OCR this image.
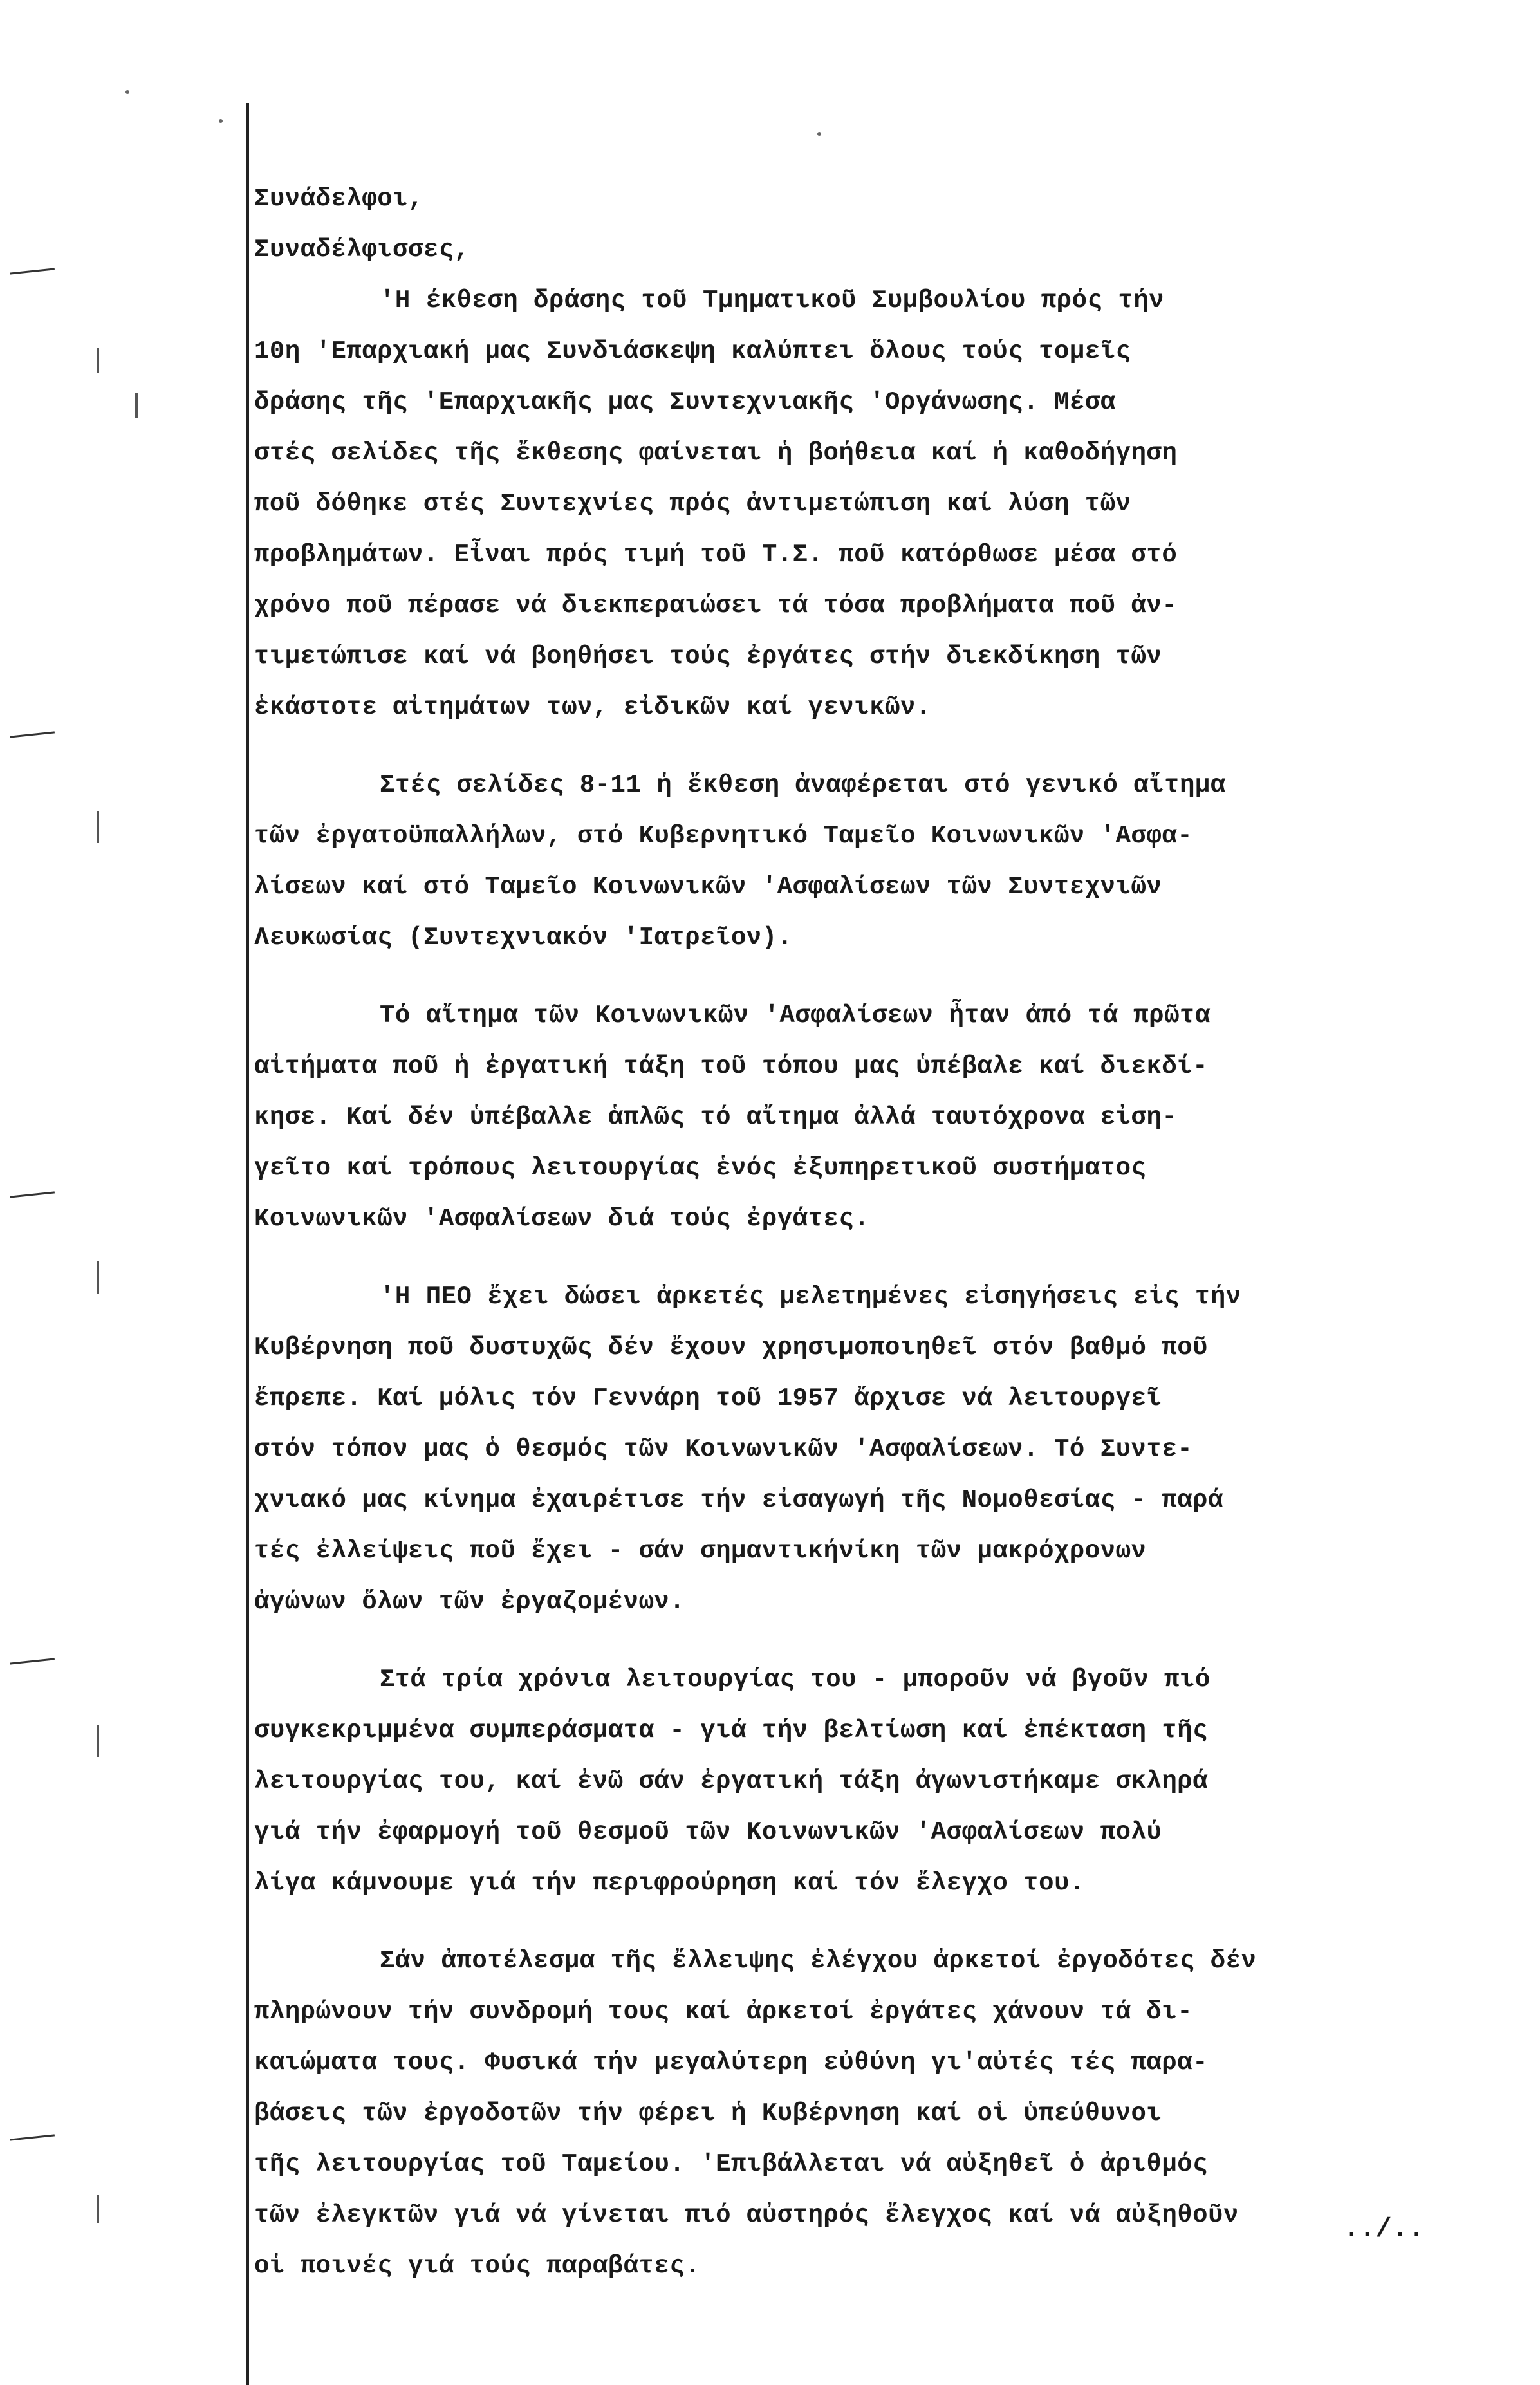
Συνάδελφοι,
Συναδέλφισσες,
'Η έκθεση δράσης τοῦ Τμηματικοῦ Συμβουλίου πρός τήν
10η 'Επαρχιακή μας Συνδιάσκεψη καλύπτει ὅλους τούς τομεῖς
δράσης τῆς 'Επαρχιακῆς μας Συντεχνιακῆς 'Οργάνωσης. Μέσα
στές σελίδες τῆς ἔκθεσης φαίνεται ἡ βοήθεια καί ἡ καθοδήγηση
ποῦ δόθηκε στές Συντεχνίες πρός ἀντιμετώπιση καί λύση τῶν
προβλημάτων. Εἶναι πρός τιμή τοῦ Τ.Σ. ποῦ κατόρθωσε μέσα στό
χρόνο ποῦ πέρασε νά διεκπεραιώσει τά τόσα προβλήματα ποῦ ἀν-
τιμετώπισε καί νά βοηθήσει τούς ἐργάτες στήν διεκδίκηση τῶν
ἑκάστοτε αἰτημάτων των, εἰδικῶν καί γενικῶν.
Στές σελίδες 8-11 ἡ ἔκθεση ἀναφέρεται στό γενικό αἴτημα
τῶν ἐργατοϋπαλλήλων, στό Κυβερνητικό Ταμεῖο Κοινωνικῶν 'Ασφα-
λίσεων καί στό Ταμεῖο Κοινωνικῶν 'Ασφαλίσεων τῶν Συντεχνιῶν
Λευκωσίας (Συντεχνιακόν 'Ιατρεῖον).
Τό αἴτημα τῶν Κοινωνικῶν 'Ασφαλίσεων ἦταν ἀπό τά πρῶτα
αἰτήματα ποῦ ἡ ἐργατική τάξη τοῦ τόπου μας ὑπέβαλε καί διεκδί-
κησε. Καί δέν ὑπέβαλλε ἁπλῶς τό αἴτημα ἀλλά ταυτόχρονα εἰση-
γεῖτο καί τρόπους λειτουργίας ἑνός ἐξυπηρετικοῦ συστήματος
Κοινωνικῶν 'Ασφαλίσεων διά τούς ἐργάτες.
'Η ΠΕΟ ἔχει δώσει ἀρκετές μελετημένες εἰσηγήσεις εἰς τήν
Κυβέρνηση ποῦ δυστυχῶς δέν ἔχουν χρησιμοποιηθεῖ στόν βαθμό ποῦ
ἔπρεπε. Καί μόλις τόν Γεννάρη τοῦ 1957 ἄρχισε νά λειτουργεῖ
στόν τόπον μας ὁ θεσμός τῶν Κοινωνικῶν 'Ασφαλίσεων. Τό Συντε-
χνιακό μας κίνημα ἐχαιρέτισε τήν εἰσαγωγή τῆς Νομοθεσίας - παρά
τές ἐλλείψεις ποῦ ἔχει - σάν σημαντικήνίκη τῶν μακρόχρονων
ἀγώνων ὅλων τῶν ἐργαζομένων.
Στά τρία χρόνια λειτουργίας του - μποροῦν νά βγοῦν πιό
συγκεκριμμένα συμπεράσματα - γιά τήν βελτίωση καί ἐπέκταση τῆς
λειτουργίας του, καί ἐνῶ σάν ἐργατική τάξη ἀγωνιστήκαμε σκληρά
γιά τήν ἐφαρμογή τοῦ θεσμοῦ τῶν Κοινωνικῶν 'Ασφαλίσεων πολύ
λίγα κάμνουμε γιά τήν περιφρούρηση καί τόν ἔλεγχο του.
Σάν ἀποτέλεσμα τῆς ἔλλειψης ἐλέγχου ἀρκετοί ἐργοδότες δέν
πληρώνουν τήν συνδρομή τους καί ἀρκετοί ἐργάτες χάνουν τά δι-
καιώματα τους. Φυσικά τήν μεγαλύτερη εὐθύνη γι'αὐτές τές παρα-
βάσεις τῶν ἐργοδοτῶν τήν φέρει ἡ Κυβέρνηση καί οἱ ὑπεύθυνοι
τῆς λειτουργίας τοῦ Ταμείου. 'Επιβάλλεται νά αὐξηθεῖ ὁ ἀριθμός
τῶν ἐλεγκτῶν γιά νά γίνεται πιό αὐστηρός ἔλεγχος καί νά αὐξηθοῦν
οἱ ποινές γιά τούς παραβάτες.
../..
